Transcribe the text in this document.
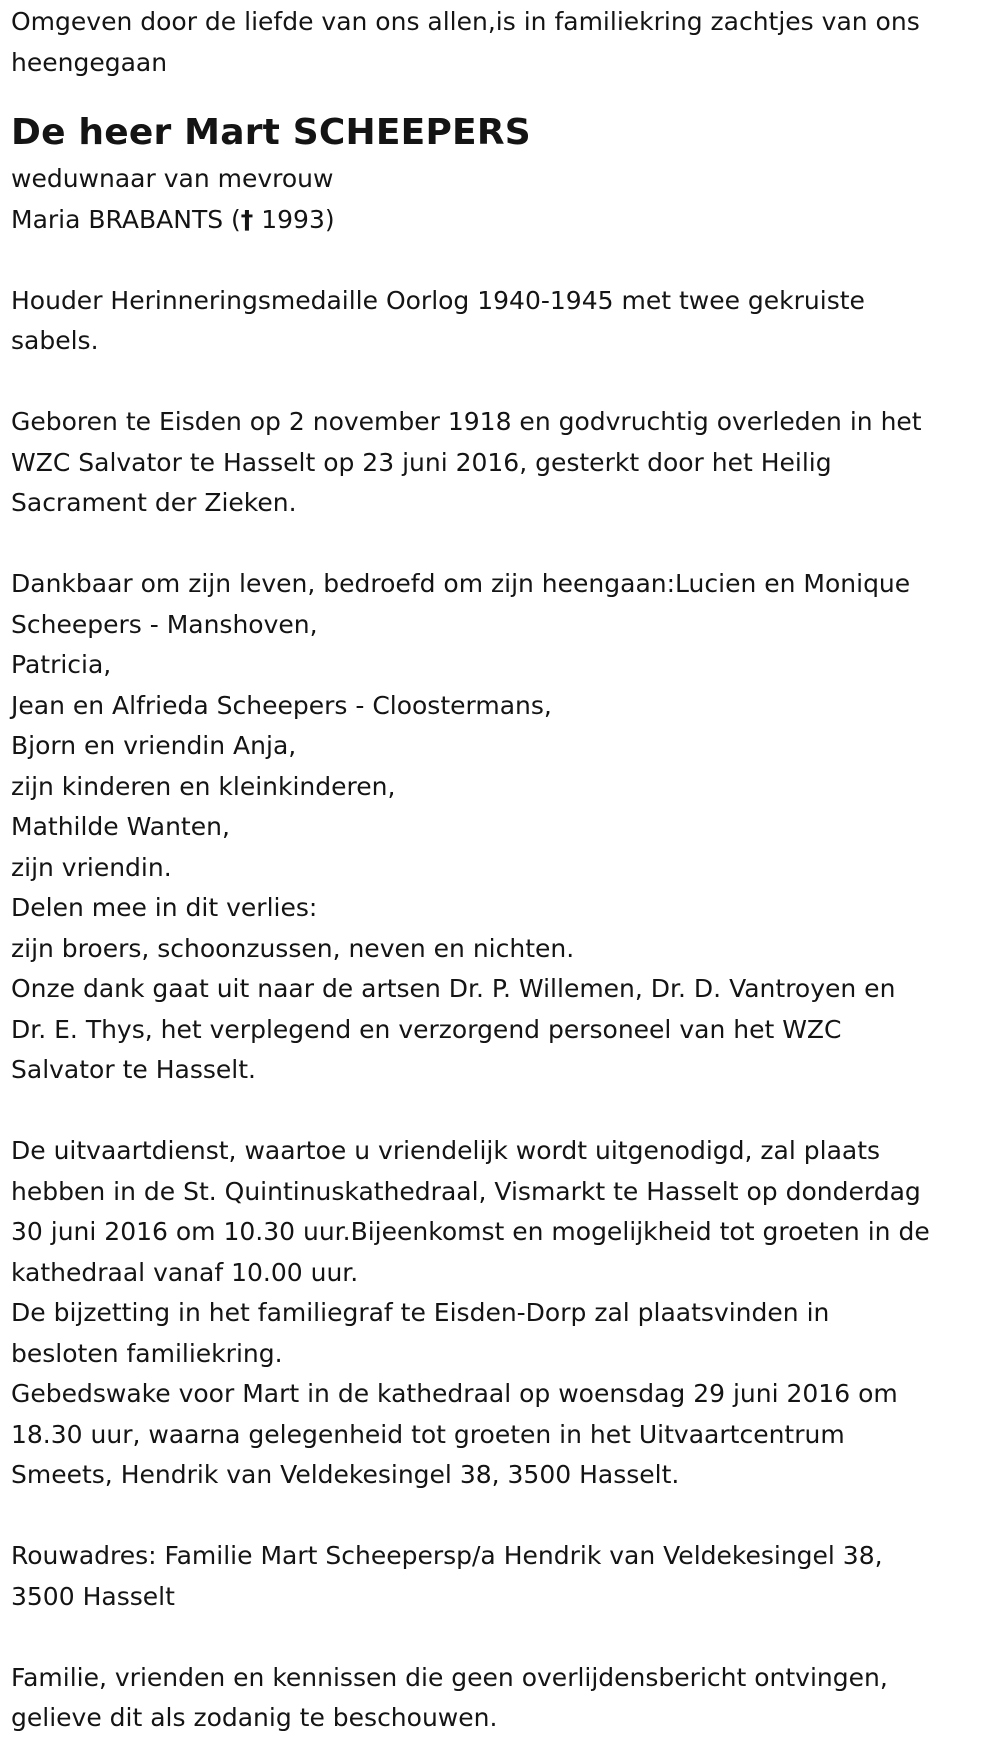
Omgeven door de liefde van ons allen,is in familiekring zachtjes van ons
heengegaan
De heer Mart SCHEEPERS
weduwnaar van mevrouw
Maria BRABANTS († 1993)
Houder Herinneringsmedaille Oorlog 1940-1945 met twee gekruiste
sabels.
Geboren te Eisden op 2 november 1918 en godvruchtig overleden in het
WZC Salvator te Hasselt op 23 juni 2016, gesterkt door het Heilig
Sacrament der Zieken.
Dankbaar om zijn leven, bedroefd om zijn heengaan:Lucien en Monique
Scheepers - Manshoven,
Patricia,
Jean en Alfrieda Scheepers - Cloostermans,
Bjorn en vriendin Anja,
zijn kinderen en kleinkinderen,
Mathilde Wanten,
zijn vriendin.
Delen mee in dit verlies:
zijn broers, schoonzussen, neven en nichten.
Onze dank gaat uit naar de artsen Dr. P. Willemen, Dr. D. Vantroyen en
Dr. E. Thys, het verplegend en verzorgend personeel van het WZC
Salvator te Hasselt.
De uitvaartdienst, waartoe u vriendelijk wordt uitgenodigd, zal plaats
hebben in de St. Quintinuskathedraal, Vismarkt te Hasselt op donderdag
30 juni 2016 om 10.30 uur.Bijeenkomst en mogelijkheid tot groeten in de
kathedraal vanaf 10.00 uur.
De bijzetting in het familiegraf te Eisden-Dorp zal plaatsvinden in
besloten familiekring.
Gebedswake voor Mart in de kathedraal op woensdag 29 juni 2016 om
18.30 uur, waarna gelegenheid tot groeten in het Uitvaartcentrum
Smeets, Hendrik van Veldekesingel 38, 3500 Hasselt.
Rouwadres: Familie Mart Scheepersp/a Hendrik van Veldekesingel 38,
3500 Hasselt
Familie, vrienden en kennissen die geen overlijdensbericht ontvingen,
gelieve dit als zodanig te beschouwen.
